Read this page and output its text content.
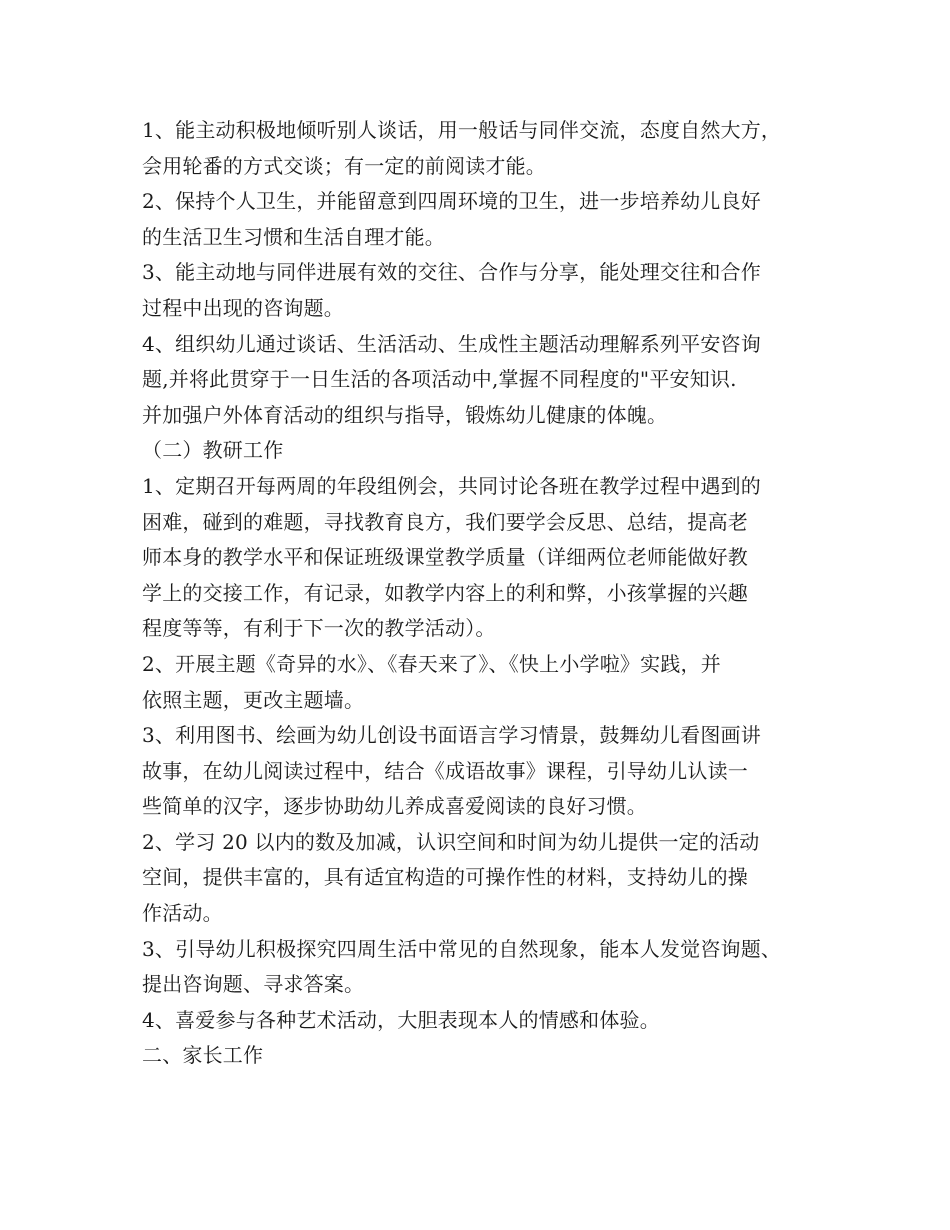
1、能主动积极地倾听别人谈话，用一般话与同伴交流，态度自然大方，
会用轮番的方式交谈；有一定的前阅读才能。
2、保持个人卫生，并能留意到四周环境的卫生，进一步培养幼儿良好
的生活卫生习惯和生活自理才能。
3、能主动地与同伴进展有效的交往、合作与分享，能处理交往和合作
过程中出现的咨询题。
4、组织幼儿通过谈话、生活活动、生成性主题活动理解系列平安咨询
题,并将此贯穿于一日生活的各项活动中,掌握不同程度的"平安知识.
并加强户外体育活动的组织与指导，锻炼幼儿健康的体魄。
（二）教研工作
1、定期召开每两周的年段组例会，共同讨论各班在教学过程中遇到的
困难，碰到的难题，寻找教育良方，我们要学会反思、总结，提高老
师本身的教学水平和保证班级课堂教学质量（详细两位老师能做好教
学上的交接工作，有记录，如教学内容上的利和弊，小孩掌握的兴趣
程度等等，有利于下一次的教学活动）。
2、开展主题《奇异的水》、《春天来了》、《快上小学啦》实践，并
依照主题，更改主题墙。
3、利用图书、绘画为幼儿创设书面语言学习情景，鼓舞幼儿看图画讲
故事，在幼儿阅读过程中，结合《成语故事》课程，引导幼儿认读一
些简单的汉字，逐步协助幼儿养成喜爱阅读的良好习惯。
2、学习 20 以内的数及加减，认识空间和时间为幼儿提供一定的活动
空间，提供丰富的，具有适宜构造的可操作性的材料，支持幼儿的操
作活动。
3、引导幼儿积极探究四周生活中常见的自然现象，能本人发觉咨询题、
提出咨询题、寻求答案。
4、喜爱参与各种艺术活动，大胆表现本人的情感和体验。
二、家长工作
